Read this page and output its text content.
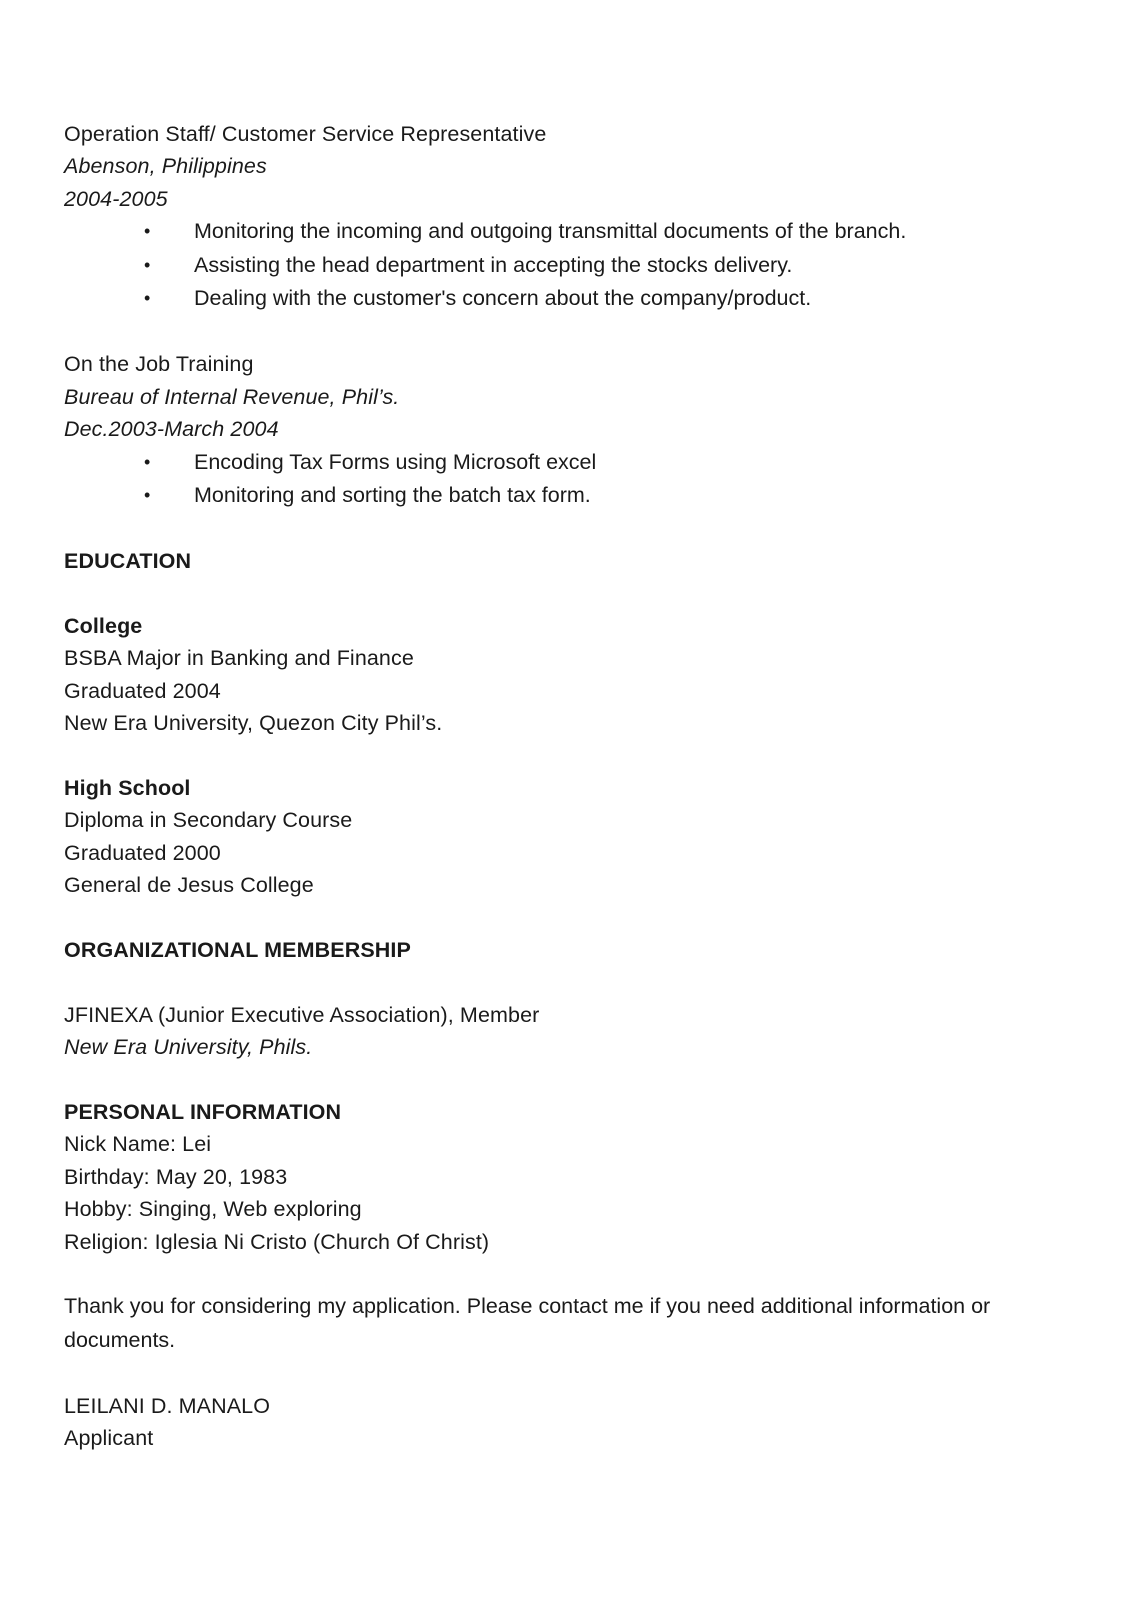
Operation Staff/ Customer Service Representative
Abenson, Philippines
2004-2005
•	Monitoring the incoming and outgoing transmittal documents of the branch.
•	Assisting the head department in accepting the stocks delivery.
•	Dealing with the customer's concern about the company/product.
On the Job Training
Bureau of Internal Revenue, Phil’s.
Dec.2003-March 2004
•	Encoding Tax Forms using Microsoft excel
•	Monitoring and sorting the batch tax form.
EDUCATION
College
BSBA Major in Banking and Finance
Graduated 2004
New Era University, Quezon City Phil’s.
High School
Diploma in Secondary Course
Graduated 2000
General de Jesus College
ORGANIZATIONAL MEMBERSHIP
JFINEXA (Junior Executive Association), Member
New Era University, Phils.
PERSONAL INFORMATION
Nick Name: Lei
Birthday: May 20, 1983
Hobby: Singing, Web exploring
Religion: Iglesia Ni Cristo (Church Of Christ)
Thank you for considering my application. Please contact me if you need additional information or
documents.
LEILANI D. MANALO
Applicant
